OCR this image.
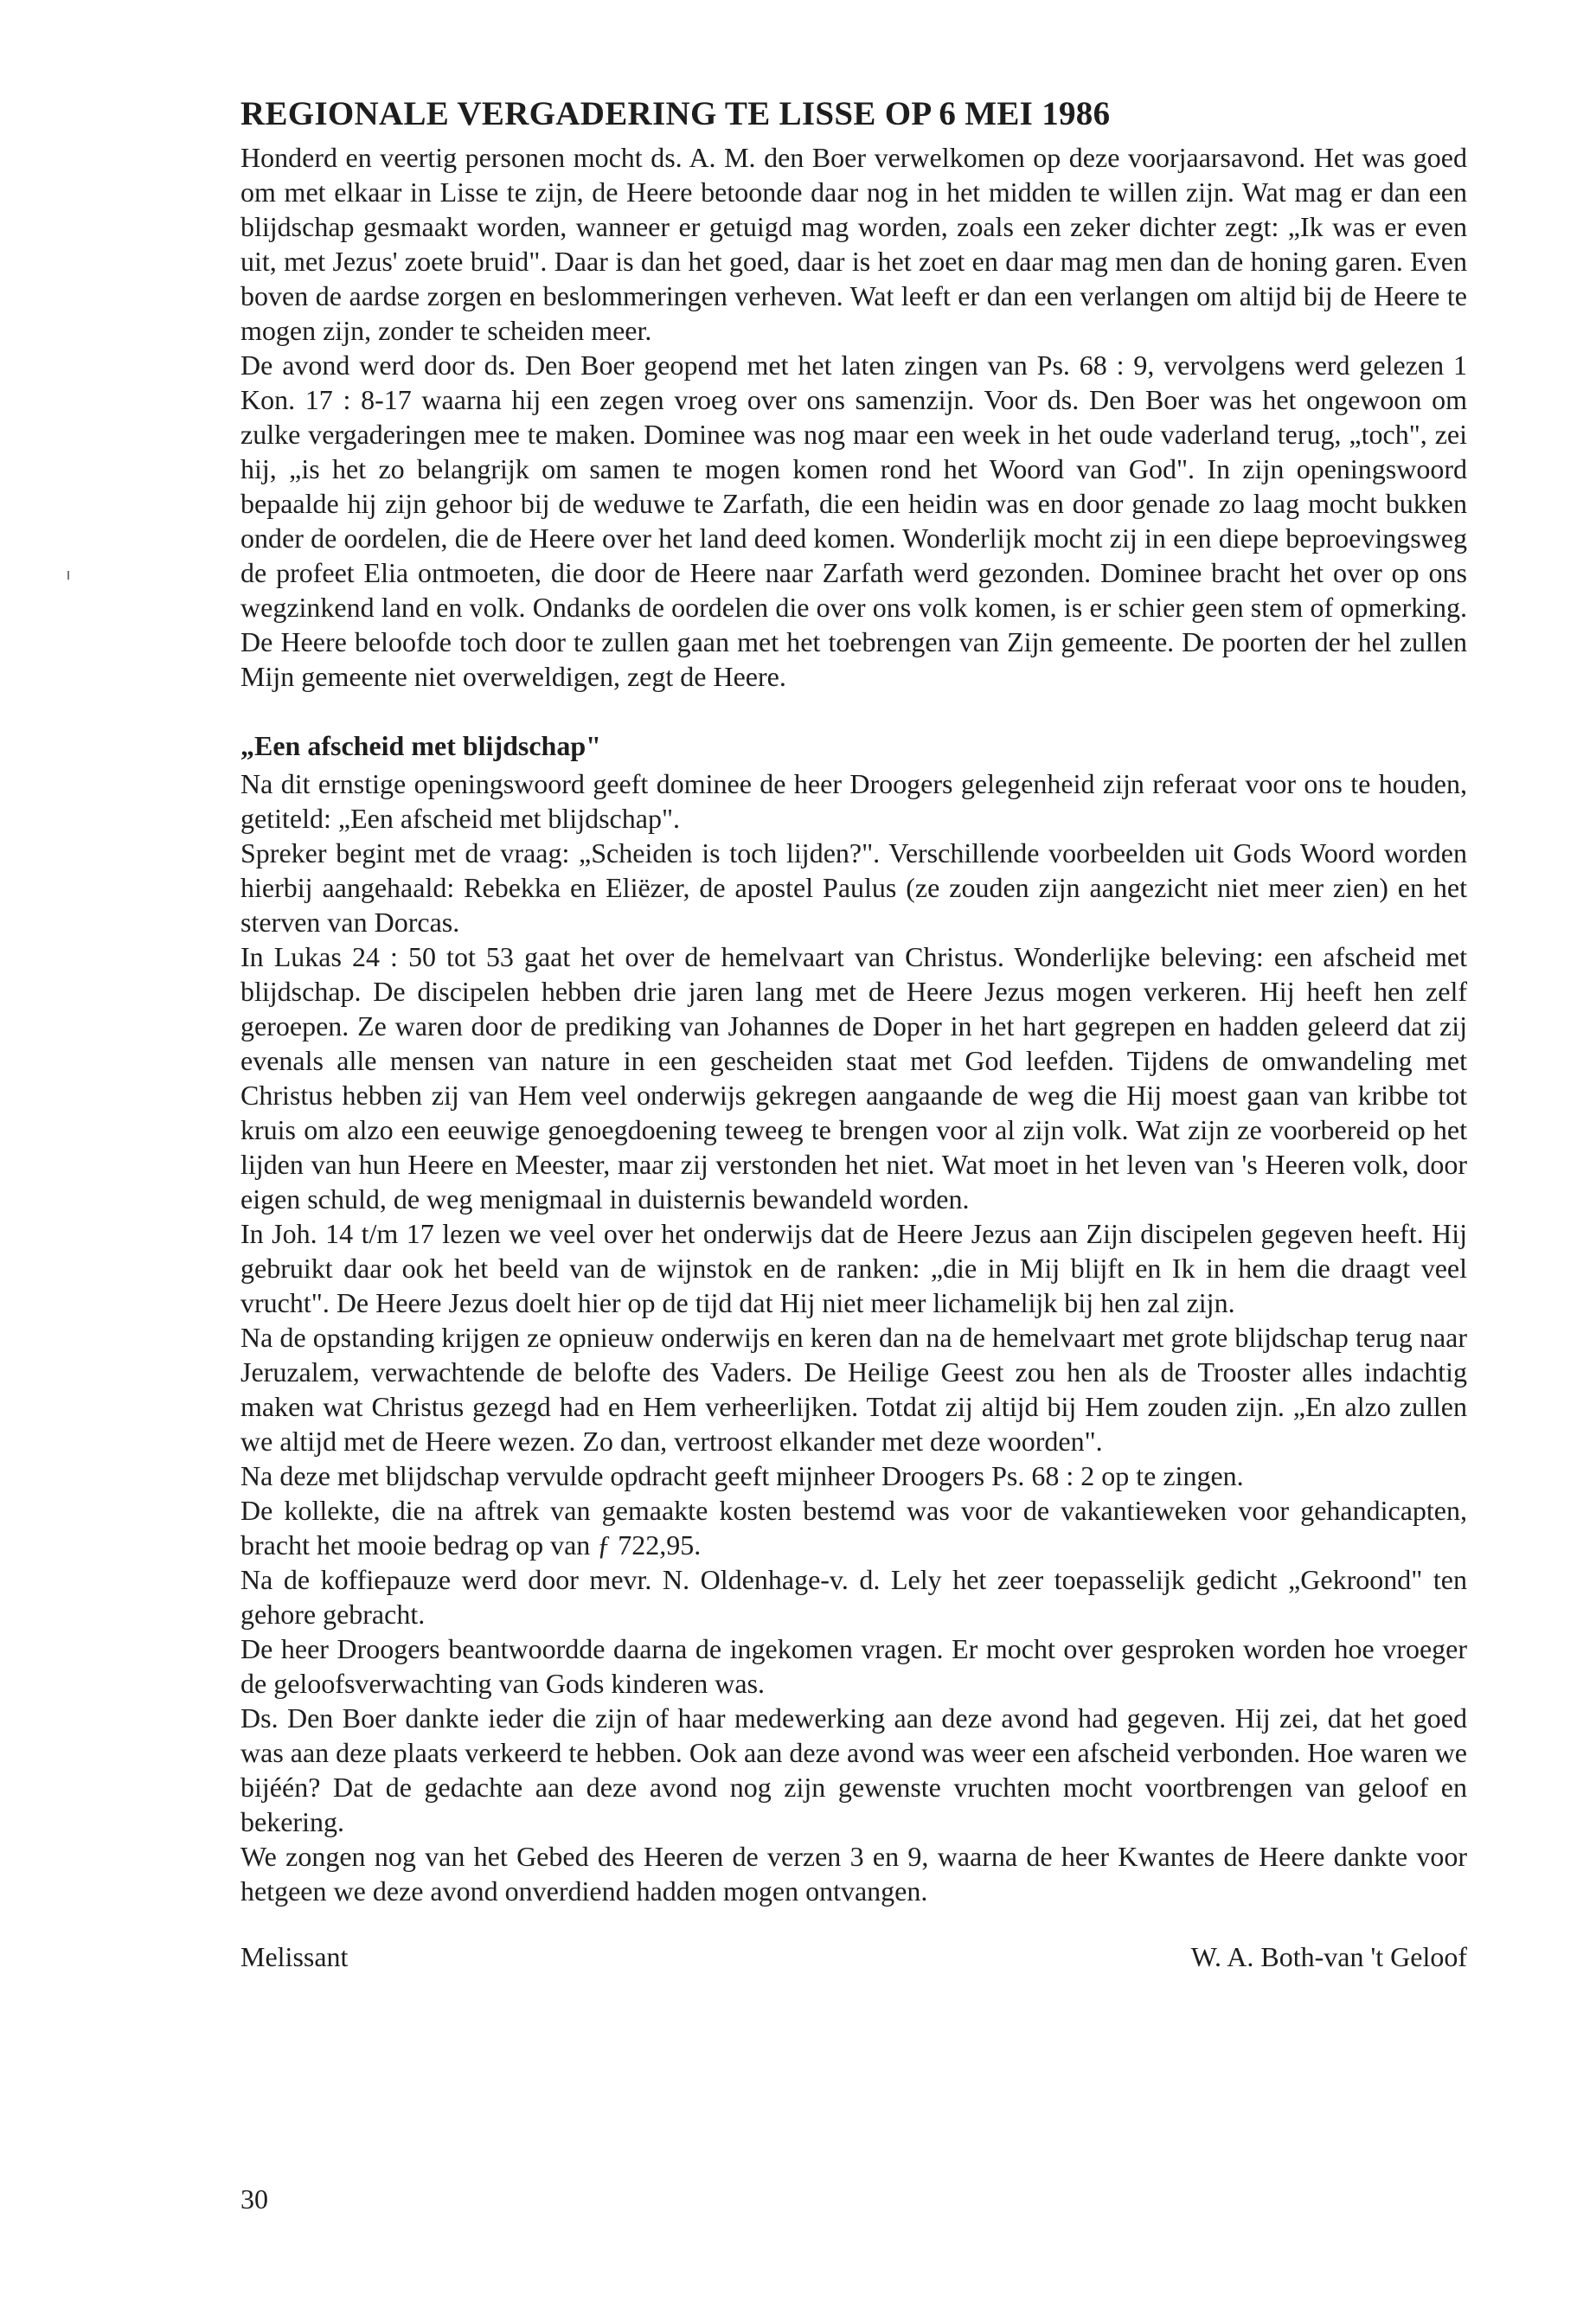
REGIONALE VERGADERING TE LISSE OP 6 MEI 1986

Honderd en veertig personen mocht ds. A. M. den Boer verwelkomen op deze voorjaarsavond. Het was goed om met elkaar in Lisse te zijn, de Heere betoonde daar nog in het midden te willen zijn. Wat mag er dan een blijdschap gesmaakt worden, wanneer er getuigd mag worden, zoals een zeker dichter zegt: „Ik was er even uit, met Jezus' zoete bruid". Daar is dan het goed, daar is het zoet en daar mag men dan de honing garen. Even boven de aardse zorgen en beslommeringen verheven. Wat leeft er dan een verlangen om altijd bij de Heere te mogen zijn, zonder te scheiden meer.

De avond werd door ds. Den Boer geopend met het laten zingen van Ps. 68 : 9, vervolgens werd gelezen 1 Kon. 17 : 8-17 waarna hij een zegen vroeg over ons samenzijn. Voor ds. Den Boer was het ongewoon om zulke vergaderingen mee te maken. Dominee was nog maar een week in het oude vaderland terug, „toch", zei hij, „is het zo belangrijk om samen te mogen komen rond het Woord van God". In zijn openingswoord bepaalde hij zijn gehoor bij de weduwe te Zarfath, die een heidin was en door genade zo laag mocht bukken onder de oordelen, die de Heere over het land deed komen. Wonderlijk mocht zij in een diepe beproevingsweg de profeet Elia ontmoeten, die door de Heere naar Zarfath werd gezonden. Dominee bracht het over op ons wegzinkend land en volk. Ondanks de oordelen die over ons volk komen, is er schier geen stem of opmerking. De Heere beloofde toch door te zullen gaan met het toebrengen van Zijn gemeente. De poorten der hel zullen Mijn gemeente niet overweldigen, zegt de Heere.

„Een afscheid met blijdschap"

Na dit ernstige openingswoord geeft dominee de heer Droogers gelegenheid zijn referaat voor ons te houden, getiteld: „Een afscheid met blijdschap".

Spreker begint met de vraag: „Scheiden is toch lijden?". Verschillende voorbeelden uit Gods Woord worden hierbij aangehaald: Rebekka en Eliëzer, de apostel Paulus (ze zouden zijn aangezicht niet meer zien) en het sterven van Dorcas.

In Lukas 24 : 50 tot 53 gaat het over de hemelvaart van Christus. Wonderlijke beleving: een afscheid met blijdschap. De discipelen hebben drie jaren lang met de Heere Jezus mogen verkeren. Hij heeft hen zelf geroepen. Ze waren door de prediking van Johannes de Doper in het hart gegrepen en hadden geleerd dat zij evenals alle mensen van nature in een gescheiden staat met God leefden. Tijdens de omwandeling met Christus hebben zij van Hem veel onderwijs gekregen aangaande de weg die Hij moest gaan van kribbe tot kruis om alzo een eeuwige genoegdoening teweeg te brengen voor al zijn volk. Wat zijn ze voorbereid op het lijden van hun Heere en Meester, maar zij verstonden het niet. Wat moet in het leven van 's Heeren volk, door eigen schuld, de weg menigmaal in duisternis bewandeld worden.

In Joh. 14 t/m 17 lezen we veel over het onderwijs dat de Heere Jezus aan Zijn discipelen gegeven heeft. Hij gebruikt daar ook het beeld van de wijnstok en de ranken: „die in Mij blijft en Ik in hem die draagt veel vrucht". De Heere Jezus doelt hier op de tijd dat Hij niet meer lichamelijk bij hen zal zijn.

Na de opstanding krijgen ze opnieuw onderwijs en keren dan na de hemelvaart met grote blijdschap terug naar Jeruzalem, verwachtende de belofte des Vaders. De Heilige Geest zou hen als de Trooster alles indachtig maken wat Christus gezegd had en Hem verheerlijken. Totdat zij altijd bij Hem zouden zijn. „En alzo zullen we altijd met de Heere wezen. Zo dan, vertroost elkander met deze woorden".

Na deze met blijdschap vervulde opdracht geeft mijnheer Droogers Ps. 68 : 2 op te zingen.

De kollekte, die na aftrek van gemaakte kosten bestemd was voor de vakantieweken voor gehandicapten, bracht het mooie bedrag op van ƒ 722,95.

Na de koffiepauze werd door mevr. N. Oldenhage-v. d. Lely het zeer toepasselijk gedicht „Gekroond" ten gehore gebracht.

De heer Droogers beantwoordde daarna de ingekomen vragen. Er mocht over gesproken worden hoe vroeger de geloofsverwachting van Gods kinderen was.

Ds. Den Boer dankte ieder die zijn of haar medewerking aan deze avond had gegeven. Hij zei, dat het goed was aan deze plaats verkeerd te hebben. Ook aan deze avond was weer een afscheid verbonden. Hoe waren we bijéén? Dat de gedachte aan deze avond nog zijn gewenste vruchten mocht voortbrengen van geloof en bekering.

We zongen nog van het Gebed des Heeren de verzen 3 en 9, waarna de heer Kwantes de Heere dankte voor hetgeen we deze avond onverdiend hadden mogen ontvangen.

Melissant	W. A. Both-van 't Geloof
30
